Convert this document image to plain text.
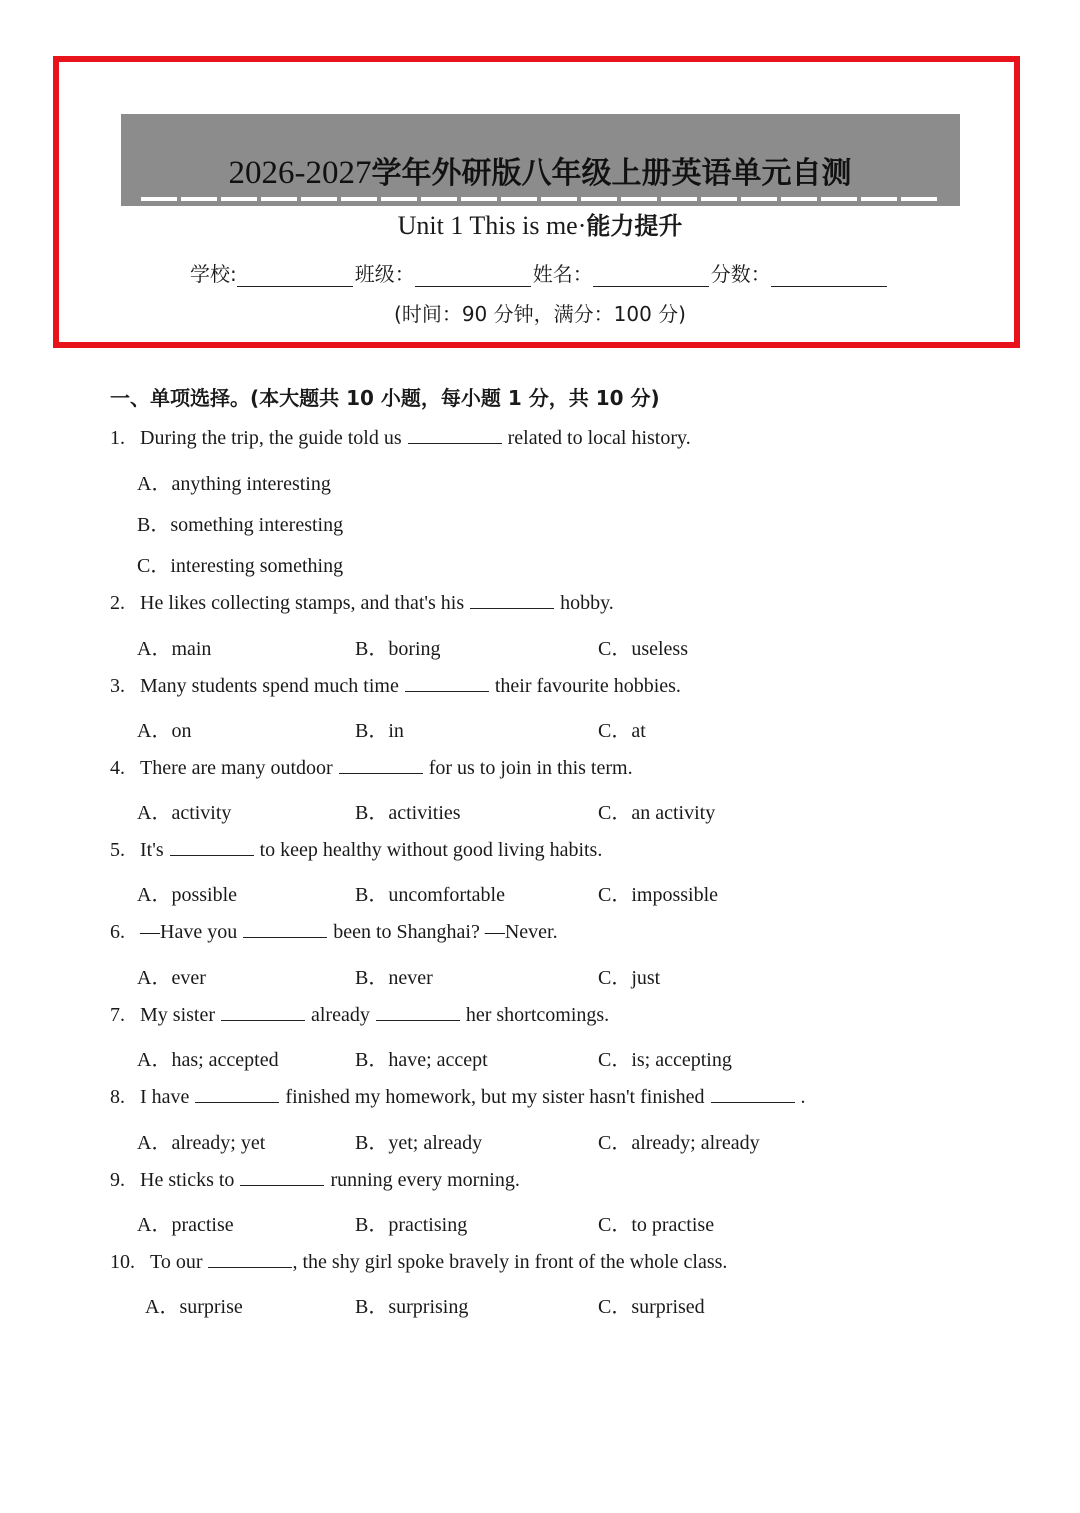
2026-2027学年外研版八年级上册英语单元自测
Unit 1 This is me·能力提升
学校:	班级：	姓名：	分数：
(时间：90 分钟，满分：100 分)
一、单项选择。(本大题共 10 小题，每小题 1 分，共 10 分)
1. During the trip, the guide told us	related to local history.
A．anything interesting
B．something interesting
C．interesting something
2. He likes collecting stamps, and that's his	hobby.
A．main	B．boring	C．useless
3. Many students spend much time	their favourite hobbies.
A．on	B．in	C．at
4. There are many outdoor	for us to join in this term.
A．activity	B．activities	C．an activity
5. It's	to keep healthy without good living habits.
A．possible	B．uncomfortable	C．impossible
6. —Have you	been to Shanghai? —Never.
A．ever	B．never	C．just
7. My sister	already	her shortcomings.
A．has; accepted	B．have; accept	C．is; accepting
8. I have	finished my homework, but my sister hasn't finished	.
A．already; yet	B．yet; already	C．already; already
9. He sticks to	running every morning.
A．practise	B．practising	C．to practise
10. To our	, the shy girl spoke bravely in front of the whole class.
A．surprise	B．surprising	C．surprised
